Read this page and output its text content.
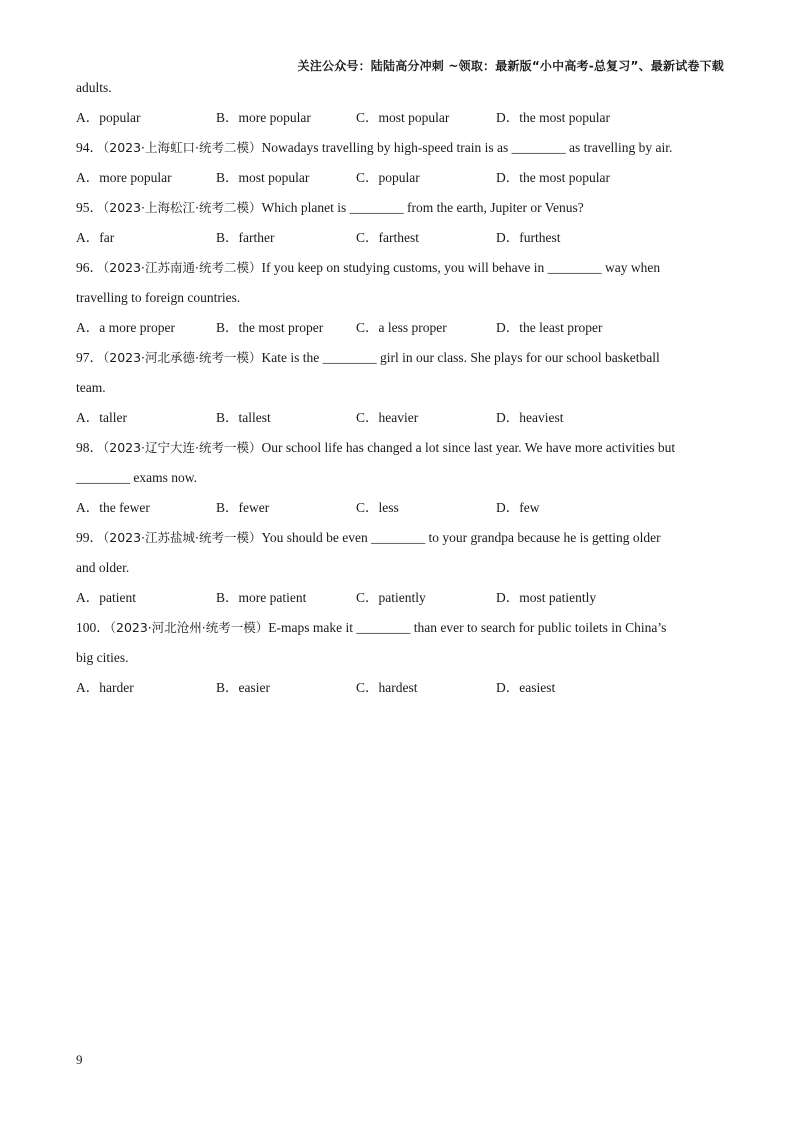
关注公众号：陆陆高分冲刺 ~领取：最新版“小中高考-总复习”、最新试卷下载
adults.
A．popular	B．more popular	C．most popular	D．the most popular
94．（2023·上海虹口·统考二模）Nowadays travelling by high-speed train is as ________ as travelling by air.
A．more popular	B．most popular	C．popular	D．the most popular
95．（2023·上海松江·统考二模）Which planet is ________ from the earth, Jupiter or Venus?
A．far	B．farther	C．farthest	D．furthest
96．（2023·江苏南通·统考二模）If you keep on studying customs, you will behave in ________ way when
travelling to foreign countries.
A．a more proper	B．the most proper C．a less proper	D．the least proper
97．（2023·河北承德·统考一模）Kate is the ________ girl in our class. She plays for our school basketball
team.
A．taller	B．tallest	C．heavier	D．heaviest
98．（2023·辽宁大连·统考一模）Our school life has changed a lot since last year. We have more activities but
________ exams now.
A．the fewer	B．fewer	C．less	D．few
99．（2023·江苏盐城·统考一模）You should be even ________ to your grandpa because he is getting older
and older.
A．patient	B．more patient	C．patiently	D．most patiently
100．（2023·河北沧州·统考一模）E-maps make it ________ than ever to search for public toilets in China’s
big cities.
A．harder	B．easier	C．hardest	D．easiest
9
